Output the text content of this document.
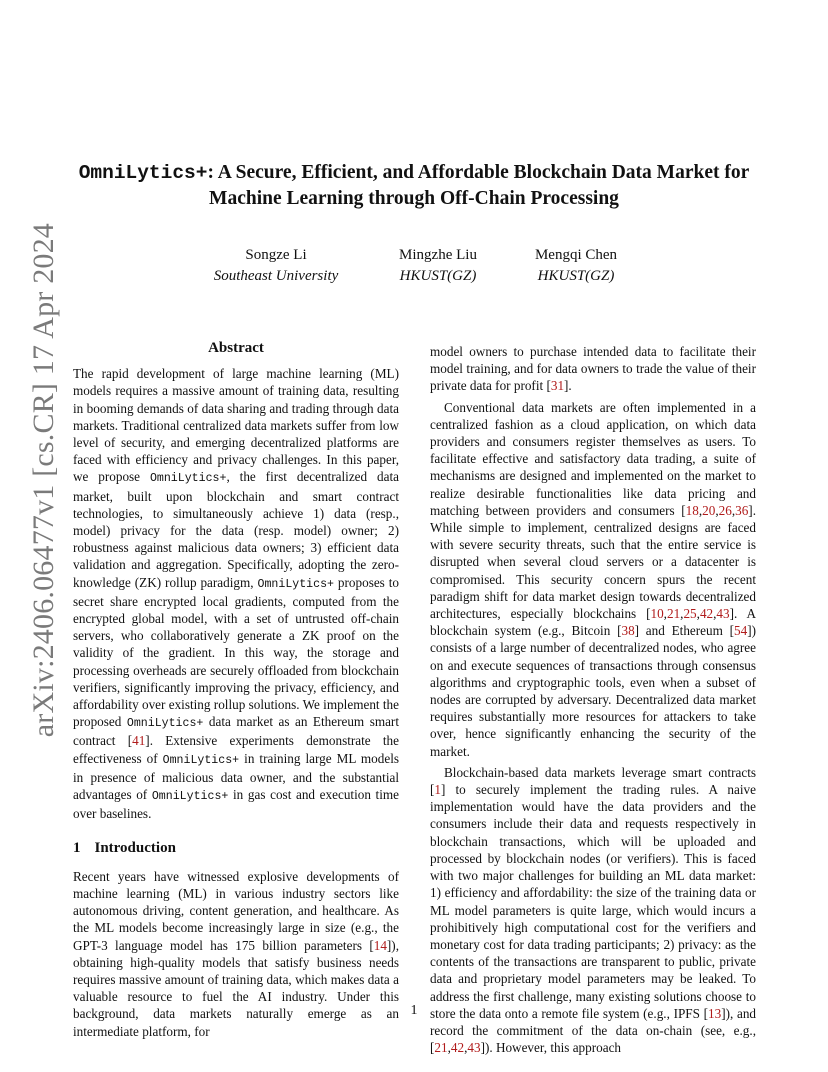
arXiv:2406.06477v1 [cs.CR] 17 Apr 2024
OmniLytics+: A Secure, Efficient, and Affordable Blockchain Data Market for
Machine Learning through Off-Chain Processing
Songze Li
Southeast University
Mingzhe Liu
HKUST(GZ)
Mengqi Chen
HKUST(GZ)
Abstract

The rapid development of large machine learning (ML) models requires a massive amount of training data, resulting in booming demands of data sharing and trading through data markets. Traditional centralized data markets suffer from low level of security, and emerging decentralized platforms are faced with efficiency and privacy challenges. In this paper, we propose OmniLytics+, the first decentralized data market, built upon blockchain and smart contract technologies, to simultaneously achieve 1) data (resp., model) privacy for the data (resp. model) owner; 2) robustness against malicious data owners; 3) efficient data validation and aggregation. Specifically, adopting the zero-knowledge (ZK) rollup paradigm, OmniLytics+ proposes to secret share encrypted local gradients, computed from the encrypted global model, with a set of untrusted off-chain servers, who collaboratively generate a ZK proof on the validity of the gradient. In this way, the storage and processing overheads are securely offloaded from blockchain verifiers, significantly improving the privacy, efficiency, and affordability over existing rollup solutions. We implement the proposed OmniLytics+ data market as an Ethereum smart contract [41]. Extensive experiments demonstrate the effectiveness of OmniLytics+ in training large ML models in presence of malicious data owner, and the substantial advantages of OmniLytics+ in gas cost and execution time over baselines.

1 Introduction

Recent years have witnessed explosive developments of machine learning (ML) in various industry sectors like autonomous driving, content generation, and healthcare. As the ML models become increasingly large in size (e.g., the GPT-3 language model has 175 billion parameters [14]), obtaining high-quality models that satisfy business needs requires massive amount of training data, which makes data a valuable resource to fuel the AI industry. Under this background, data markets naturally emerge as an intermediate platform, for

model owners to purchase intended data to facilitate their model training, and for data owners to trade the value of their private data for profit [31].

Conventional data markets are often implemented in a centralized fashion as a cloud application, on which data providers and consumers register themselves as users. To facilitate effective and satisfactory data trading, a suite of mechanisms are designed and implemented on the market to realize desirable functionalities like data pricing and matching between providers and consumers [18,20,26,36]. While simple to implement, centralized designs are faced with severe security threats, such that the entire service is disrupted when several cloud servers or a datacenter is compromised. This security concern spurs the recent paradigm shift for data market design towards decentralized architectures, especially blockchains [10,21,25,42,43]. A blockchain system (e.g., Bitcoin [38] and Ethereum [54]) consists of a large number of decentralized nodes, who agree on and execute sequences of transactions through consensus algorithms and cryptographic tools, even when a subset of nodes are corrupted by adversary. Decentralized data market requires substantially more resources for attackers to take over, hence significantly enhancing the security of the market.

Blockchain-based data markets leverage smart contracts [1] to securely implement the trading rules. A naive implementation would have the data providers and the consumers include their data and requests respectively in blockchain transactions, which will be uploaded and processed by blockchain nodes (or verifiers). This is faced with two major challenges for building an ML data market: 1) efficiency and affordability: the size of the training data or ML model parameters is quite large, which would incurs a prohibitively high computational cost for the verifiers and monetary cost for data trading participants; 2) privacy: as the contents of the transactions are transparent to public, private data and proprietary model parameters may be leaked. To address the first challenge, many existing solutions choose to store the data onto a remote file system (e.g., IPFS [13]), and record the commitment of the data on-chain (see, e.g., [21,42,43]). However, this approach

1
